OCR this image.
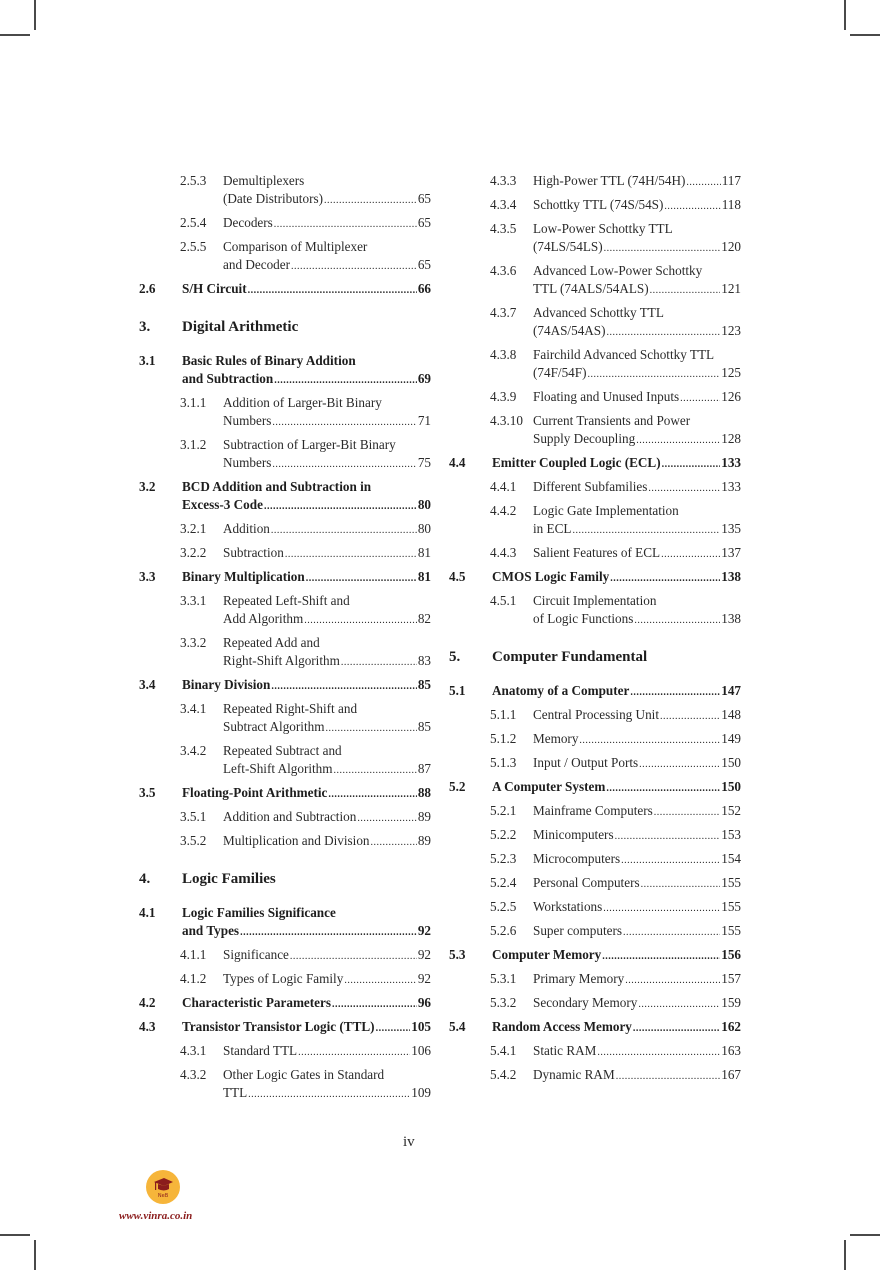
2.5.3 Demultiplexers
(Date Distributors) .....	65
2.5.4 Decoders .....	65
2.5.5 Comparison of Multiplexer
and Decoder .....	65
2.6 S/H Circuit .....	66
3. Digital Arithmetic
3.1 Basic Rules of Binary Addition
and Subtraction .....	69
3.1.1 Addition of Larger-Bit Binary
Numbers .....	71
3.1.2 Subtraction of Larger-Bit Binary
Numbers .....	75
3.2 BCD Addition and Subtraction in
Excess-3 Code .....	80
3.2.1 Addition .....	80
3.2.2 Subtraction .....	81
3.3 Binary Multiplication .....	81
3.3.1 Repeated Left-Shift and
Add Algorithm .....	82
3.3.2 Repeated Add and
Right-Shift Algorithm .....	83
3.4 Binary Division .....	85
3.4.1 Repeated Right-Shift and
Subtract Algorithm .....	85
3.4.2 Repeated Subtract and
Left-Shift Algorithm .....	87
3.5 Floating-Point Arithmetic .....	88
3.5.1 Addition and Subtraction .....	89
3.5.2 Multiplication and Division .....	89
4. Logic Families
4.1 Logic Families Significance
and Types .....	92
4.1.1 Significance .....	92
4.1.2 Types of Logic Family .....	92
4.2 Characteristic Parameters .....	96
4.3 Transistor Transistor Logic (TTL) .....	105
4.3.1 Standard TTL .....	106
4.3.2 Other Logic Gates in Standard
TTL .....	109
4.3.3 High-Power TTL (74H/54H) .....	117
4.3.4 Schottky TTL (74S/54S) .....	118
4.3.5 Low-Power Schottky TTL
(74LS/54LS) .....	120
4.3.6 Advanced Low-Power Schottky
TTL (74ALS/54ALS) .....	121
4.3.7 Advanced Schottky TTL
(74AS/54AS) .....	123
4.3.8 Fairchild Advanced Schottky TTL
(74F/54F) .....	125
4.3.9 Floating and Unused Inputs .....	126
4.3.10 Current Transients and Power
Supply Decoupling .....	128
4.4 Emitter Coupled Logic (ECL) .....	133
4.4.1 Different Subfamilies .....	133
4.4.2 Logic Gate Implementation
in ECL .....	135
4.4.3 Salient Features of ECL .....	137
4.5 CMOS Logic Family .....	138
4.5.1 Circuit Implementation
of Logic Functions .....	138
5. Computer Fundamental
5.1 Anatomy of a Computer .....	147
5.1.1 Central Processing Unit .....	148
5.1.2 Memory .....	149
5.1.3 Input / Output Ports .....	150
5.2 A Computer System .....	150
5.2.1 Mainframe Computers .....	152
5.2.2 Minicomputers .....	153
5.2.3 Microcomputers .....	154
5.2.4 Personal Computers .....	155
5.2.5 Workstations .....	155
5.2.6 Super computers .....	155
5.3 Computer Memory .....	156
5.3.1 Primary Memory .....	157
5.3.2 Secondary Memory .....	159
5.4 Random Access Memory .....	162
5.4.1 Static RAM .....	163
5.4.2 Dynamic RAM .....	167
iv
NeB
www.vinra.co.in
